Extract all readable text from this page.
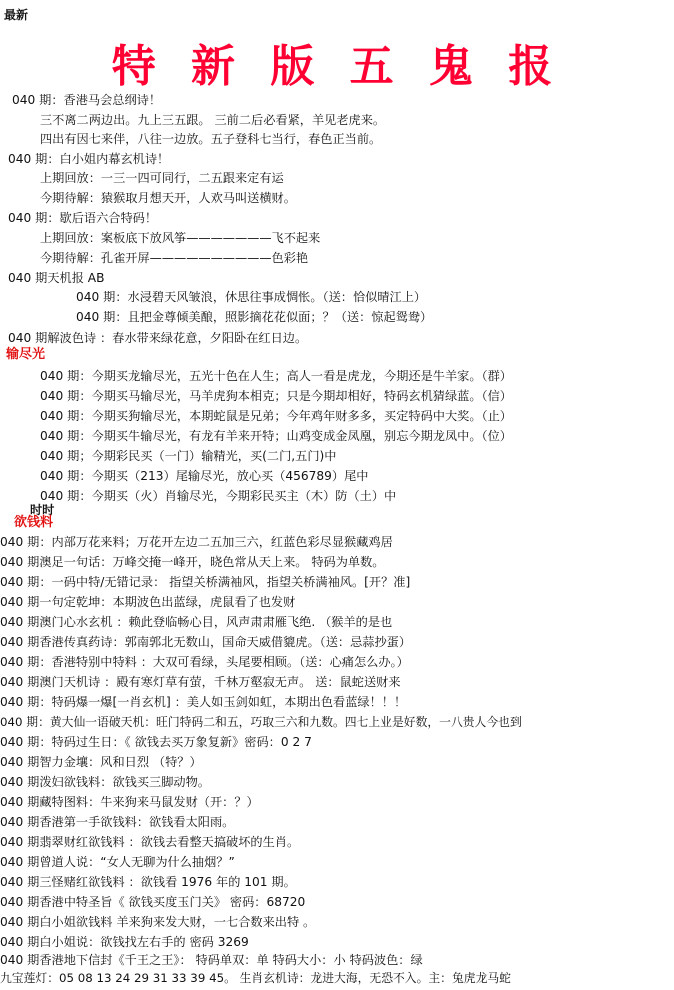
最新
特 新 版 五 鬼 报
040 期：香港马会总纲诗！
三不离二两边出。九上三五跟。 三前二后必看紧，羊见老虎来。
四出有因七来伴，八往一边放。五子登科七当行，春色正当前。
040 期：白小姐内幕玄机诗！
上期回放：一三一四可同行，二五跟来定有运
今期待解：猿猴取月想天开，人欢马叫送横财。
040 期：歇后语六合特码！
上期回放：案板底下放风筝———————飞不起来
今期待解：孔雀开屏——————————色彩艳
040 期天机报 AB
040 期：水浸碧天风皱浪，休思往事成惆怅。（送：恰似晴江上）
040 期：且把金尊倾美酿，照影摘花花似面；？（送：惊起鸳鸯）
040 期解波色诗 ：春水带来绿花意，夕阳卧在红日边。
输尽光
040 期：今期买龙输尽光，五光十色在人生；高人一看是虎龙，今期还是牛羊家。（群）
040 期：今期买马输尽光，马羊虎狗本相克；只是今期却相好，特码玄机猜绿蓝。（信）
040 期：今期买狗输尽光，本期蛇鼠是兄弟；今年鸡年财多多，买定特码中大奖。（止）
040 期：今期买牛输尽光，有龙有羊来开特；山鸡变成金凤凰，别忘今期龙凤中。（位）
040 期；今期彩民买（一门）输精光，买(二门,五门)中
040 期：今期买（213）尾输尽光，放心买（456789）尾中
040 期：今期买（火）肖输尽光，今期彩民买主（木）防（土）中
时时
欲钱料
040 期：内部万花来料；万花开左边二五加三六，红蓝色彩尽显猴藏鸡居
040 期澳足一句话：万峰交掩一峰开，晓色常从天上来。 特码为单数。
040 期：一码中特/无错记录： 指望关桥满袖风，指望关桥满袖风。[开？准]
040 期一句定乾坤：本期波色出蓝绿，虎鼠看了也发财
040 期澳门心水玄机 ：赖此登临畅心目，风声肃肃雁飞绝. （猴羊的是也
040 期香港传真药诗：郭南郭北无数山，国命天威借貔虎。（送：忌蒜抄蛋）
040 期：香港特别中特料 ：大双可看绿，头尾要相顾。（送：心痛怎么办。）
040 期澳门天机诗 ：殿有寒灯草有萤，千林万壑寂无声。 送：鼠蛇送财来
040 期：特码爆一爆[一肖玄机] ：美人如玉剑如虹，本期出色看蓝绿！！！
040 期：黄大仙一语破天机：旺门特码二和五，巧取三六和九数。四七上业是好数，一八贵人今也到
040 期：特码过生日：《 欲钱去买万象复新》密码：0 2 7
040 期智力金壤：风和日烈 （特？）
040 期泼妇欲钱料：欲钱买三脚动物。
040 期藏特图料：牛来狗来马鼠发财（开：？）
040 期香港第一手欲钱料：欲钱看太阳雨。
040 期翡翠财红欲钱料 ：欲钱去看整天搞破坏的生肖。
040 期曾道人说：“女人无聊为什么抽烟？”
040 期三怪赌红欲钱料 ：欲钱看 1976 年的 101 期。
040 期香港中特圣旨《 欲钱买度玉门关》 密码：68720
040 期白小姐欲钱料 羊来狗来发大财，一七合数来出特 。
040 期白小姐说：欲钱找左右手的 密码 3269
040 期香港地下信封《千王之王》： 特码单双：单 特码大小：小 特码波色：绿
九宝莲灯：05 08 13 24 29 31 33 39 45。 生肖玄机诗：龙进大海，无恐不入。主：兔虎龙马蛇
